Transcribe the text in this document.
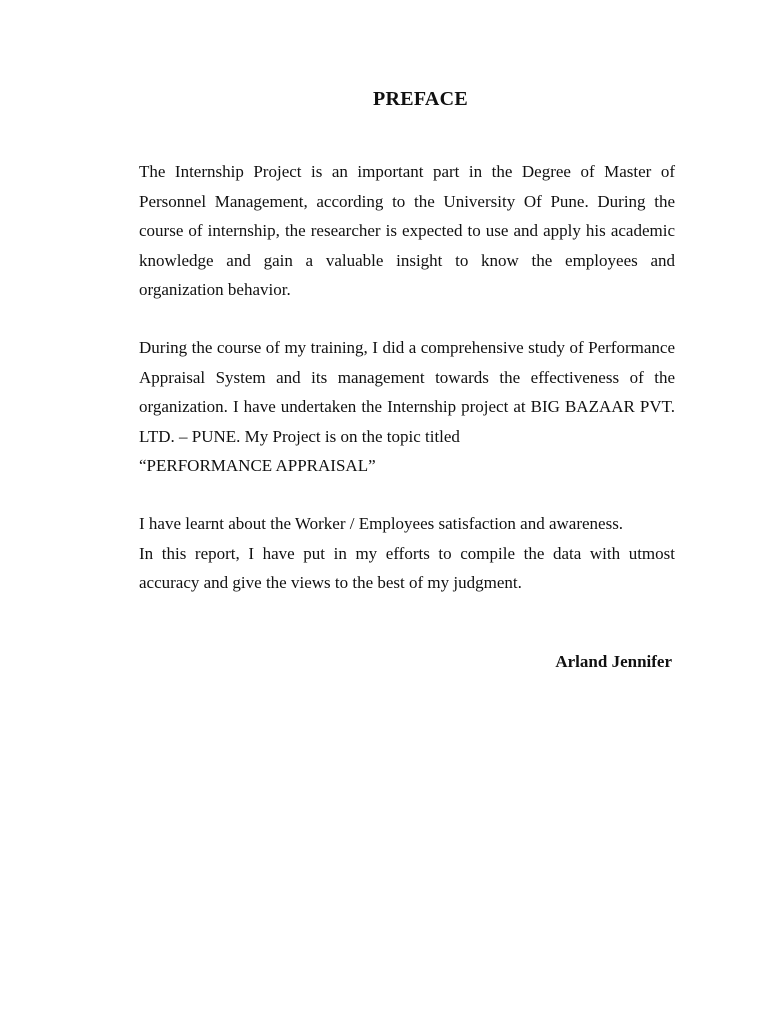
PREFACE

The Internship Project is an important part in the Degree of Master of Personnel Management, according to the University Of Pune. During the course of internship, the researcher is expected to use and apply his academic knowledge and gain a valuable insight to know the employees and organization behavior.

During the course of my training, I did a comprehensive study of Performance Appraisal System and its management towards the effectiveness of the organization. I have undertaken the Internship project at BIG BAZAAR PVT. LTD. – PUNE. My Project is on the topic titled

“PERFORMANCE APPRAISAL”

I have learnt about the Worker / Employees satisfaction and awareness.

In this report, I have put in my efforts to compile the data with utmost accuracy and give the views to the best of my judgment.

Arland Jennifer
